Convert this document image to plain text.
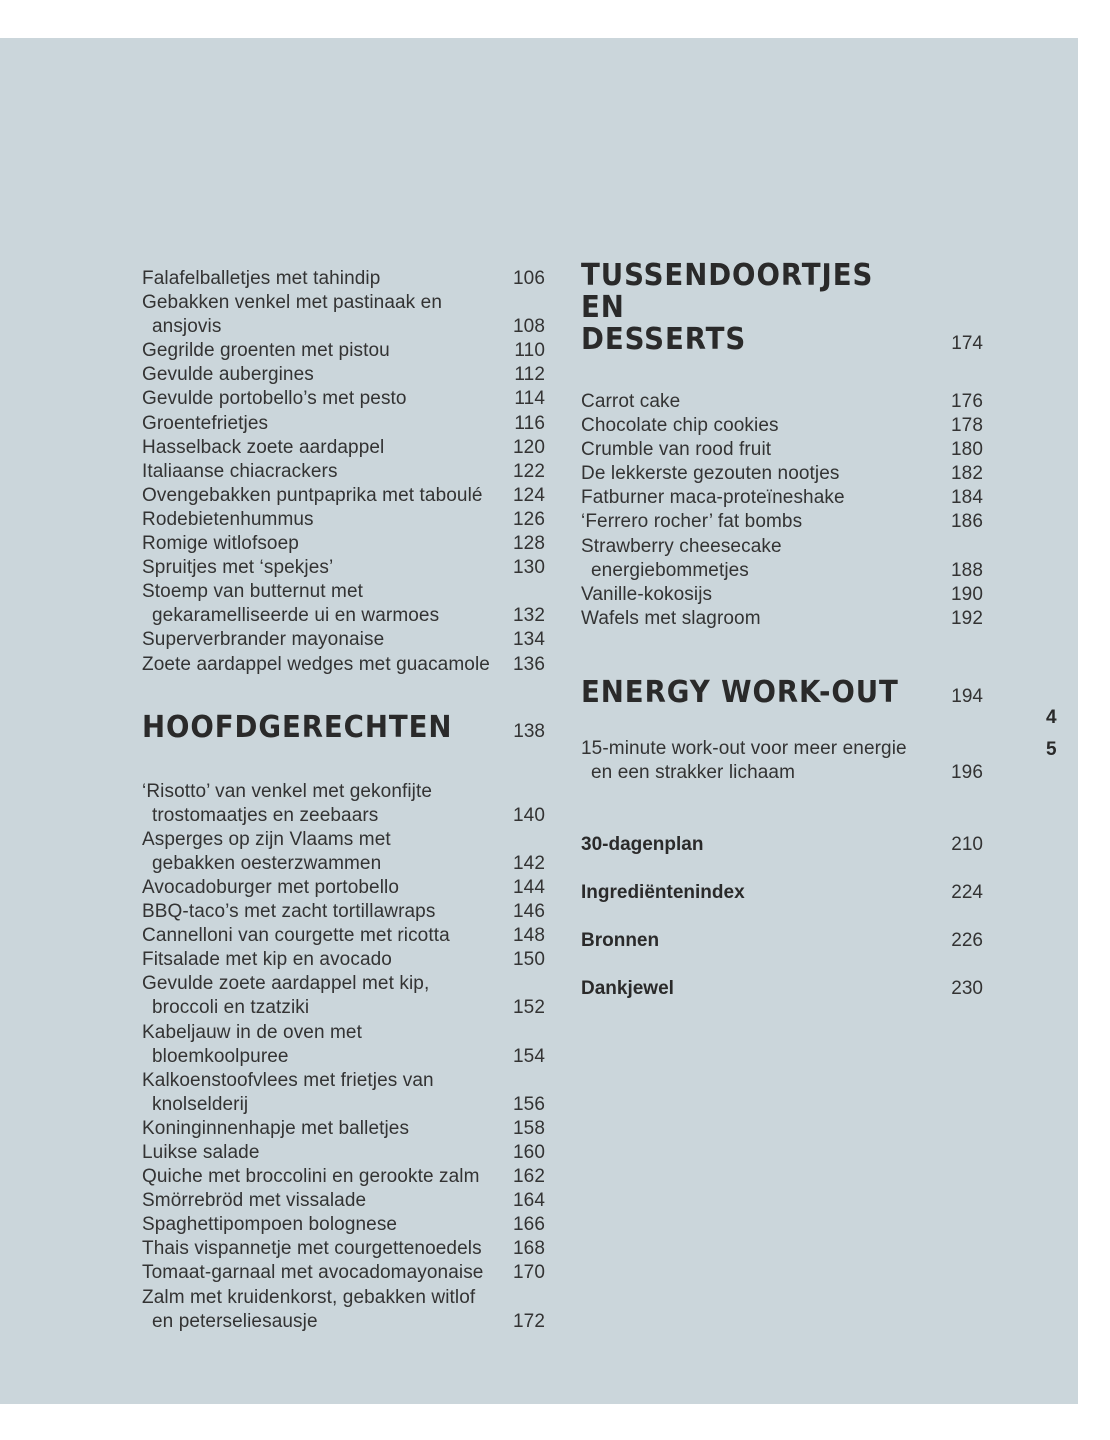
Falafelballetjes met tahindip	106
Gebakken venkel met pastinaak en
ansjovis	108
Gegrilde groenten met pistou	110
Gevulde aubergines	112
Gevulde portobello’s met pesto	114
Groentefrietjes	116
Hasselback zoete aardappel	120
Italiaanse chiacrackers	122
Ovengebakken puntpaprika met taboulé	124
Rodebietenhummus	126
Romige witlofsoep	128
Spruitjes met ‘spekjes’	130
Stoemp van butternut met
gekaramelliseerde ui en warmoes	132
Superverbrander mayonaise	134
Zoete aardappel wedges met guacamole	136
HOOFDGERECHTEN	138
‘Risotto’ van venkel met gekonfijte
trostomaatjes en zeebaars	140
Asperges op zijn Vlaams met
gebakken oesterzwammen	142
Avocadoburger met portobello	144
BBQ-taco’s met zacht tortillawraps	146
Cannelloni van courgette met ricotta	148
Fitsalade met kip en avocado	150
Gevulde zoete aardappel met kip,
broccoli en tzatziki	152
Kabeljauw in de oven met
bloemkoolpuree	154
Kalkoenstoofvlees met frietjes van
knolselderij	156
Koninginnenhapje met balletjes	158
Luikse salade	160
Quiche met broccolini en gerookte zalm	162
Smörrebröd met vissalade	164
Spaghettipompoen bolognese	166
Thais vispannetje met courgettenoedels	168
Tomaat-garnaal met avocadomayonaise	170
Zalm met kruidenkorst, gebakken witlof
en peterseliesausje	172
TUSSENDOORTJES EN
DESSERTS	174
Carrot cake	176
Chocolate chip cookies	178
Crumble van rood fruit	180
De lekkerste gezouten nootjes	182
Fatburner maca-proteïneshake	184
‘Ferrero rocher’ fat bombs	186
Strawberry cheesecake
energiebommetjes	188
Vanille-kokosijs	190
Wafels met slagroom	192
ENERGY WORK-OUT	194
15-minute work-out voor meer energie
en een strakker lichaam	196
30-dagenplan	210
Ingrediëntenindex	224
Bronnen	226
Dankjewel	230
4
5
